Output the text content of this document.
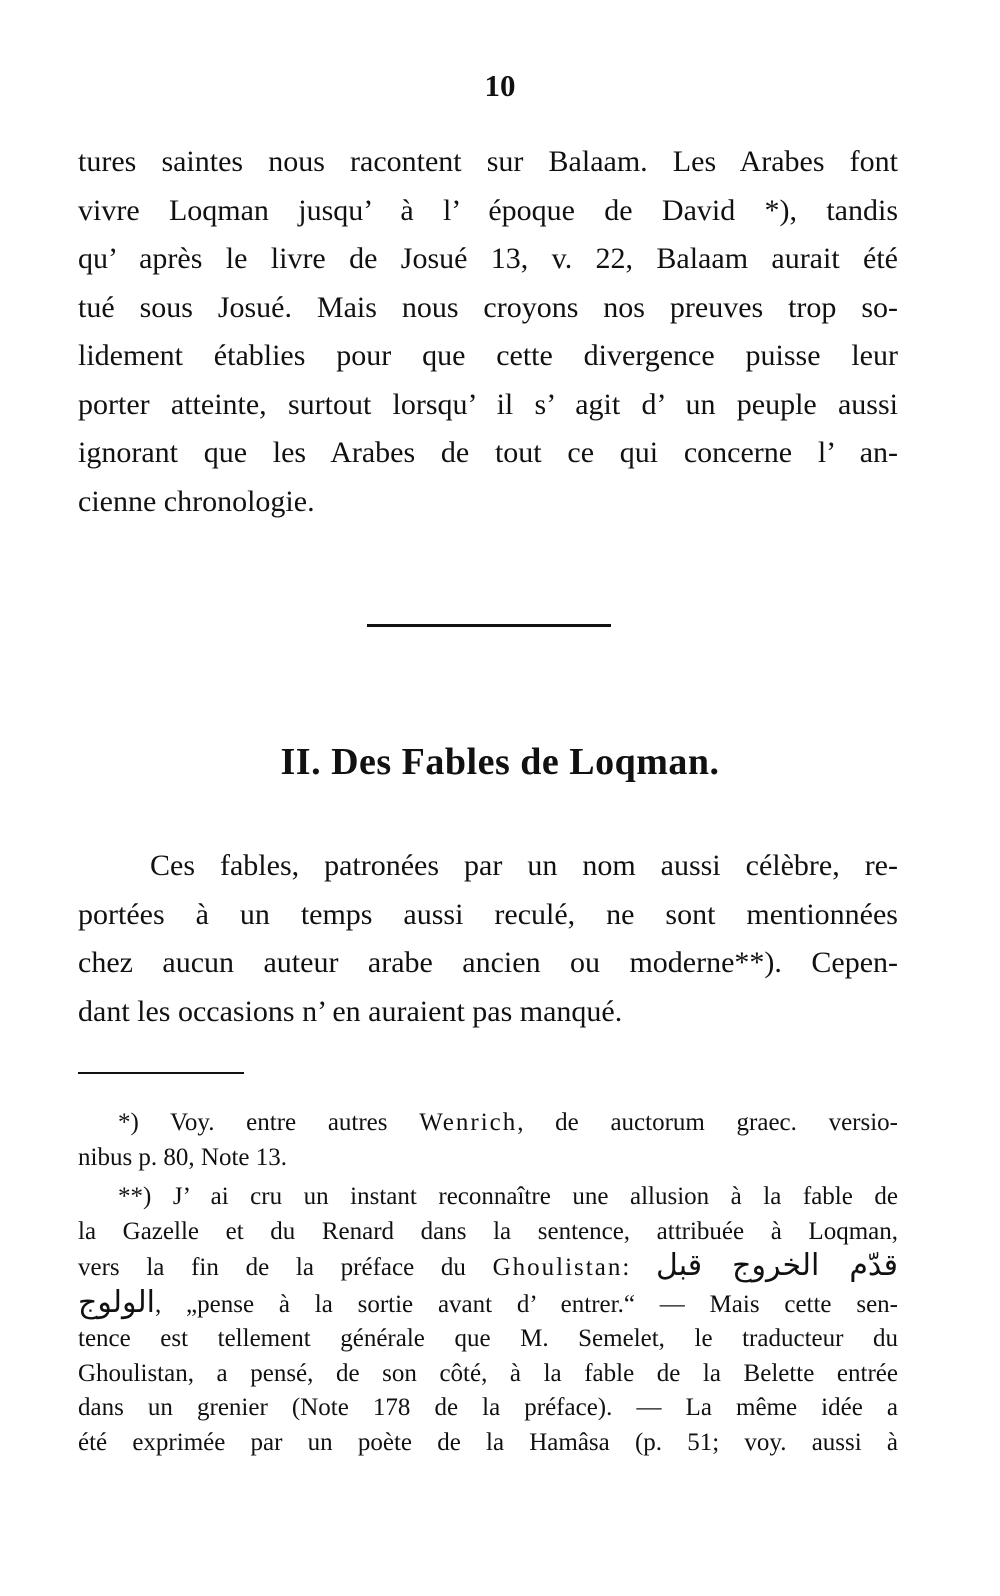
10

tures saintes nous racontent sur Balaam. Les Arabes font
vivre Loqman jusqu’ à l’ époque de David *), tandis
qu’ après le livre de Josué 13, v. 22, Balaam aurait été
tué sous Josué. Mais nous croyons nos preuves trop so-
lidement établies pour que cette divergence puisse leur
porter atteinte, surtout lorsqu’ il s’ agit d’ un peuple aussi
ignorant que les Arabes de tout ce qui concerne l’ an-
cienne chronologie.

II. Des Fables de Loqman.

Ces fables, patronées par un nom aussi célèbre, re-
portées à un temps aussi reculé, ne sont mentionnées
chez aucun auteur arabe ancien ou moderne**). Cepen-
dant les occasions n’ en auraient pas manqué.

*) Voy. entre autres Wenrich, de auctorum graec. versio-
nibus p. 80, Note 13.

**) J’ ai cru un instant reconnaître une allusion à la fable de
la Gazelle et du Renard dans la sentence, attribuée à Loqman,
vers la fin de la préface du Ghoulistan: قدّم الخروج قبل
الولوج, „pense à la sortie avant d’ entrer.“ — Mais cette sen-
tence est tellement générale que M. Semelet, le traducteur du
Ghoulistan, a pensé, de son côté, à la fable de la Belette entrée
dans un grenier (Note 178 de la préface). — La même idée a
été exprimée par un poète de la Hamâsa (p. 51; voy. aussi à
